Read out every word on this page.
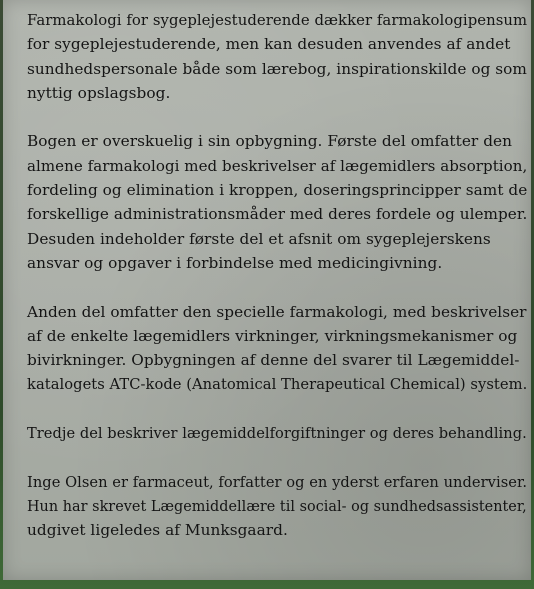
Farmakologi for sygeplejestuderende dækker farmakologipensum
for sygeplejestuderende, men kan desuden anvendes af andet
sundhedspersonale både som lærebog, inspirationskilde og som
nyttig opslagsbog.
Bogen er overskuelig i sin opbygning. Første del omfatter den
almene farmakologi med beskrivelser af lægemidlers absorption, fordeling og elimination i kroppen, doseringsprincipper samt de forskellige administrationsmåder med deres fordele og ulemper.
Desuden indeholder første del et afsnit om sygeplejerskens
ansvar og opgaver i forbindelse med medicingivning.
Anden del omfatter den specielle farmakologi, med beskrivelser
af de enkelte lægemidlers virkninger, virkningsmekanismer og
bivirkninger. Opbygningen af denne del svarer til Lægemiddel-
katalogets ATC-kode (Anatomical Therapeutical Chemical) system.
Tredje del beskriver lægemiddelforgiftninger og deres behandling.
Inge Olsen er farmaceut, forfatter og en yderst erfaren underviser. Hun har skrevet Lægemiddellære til social- og sundhedsassistenter,
udgivet ligeledes af Munksgaard.
